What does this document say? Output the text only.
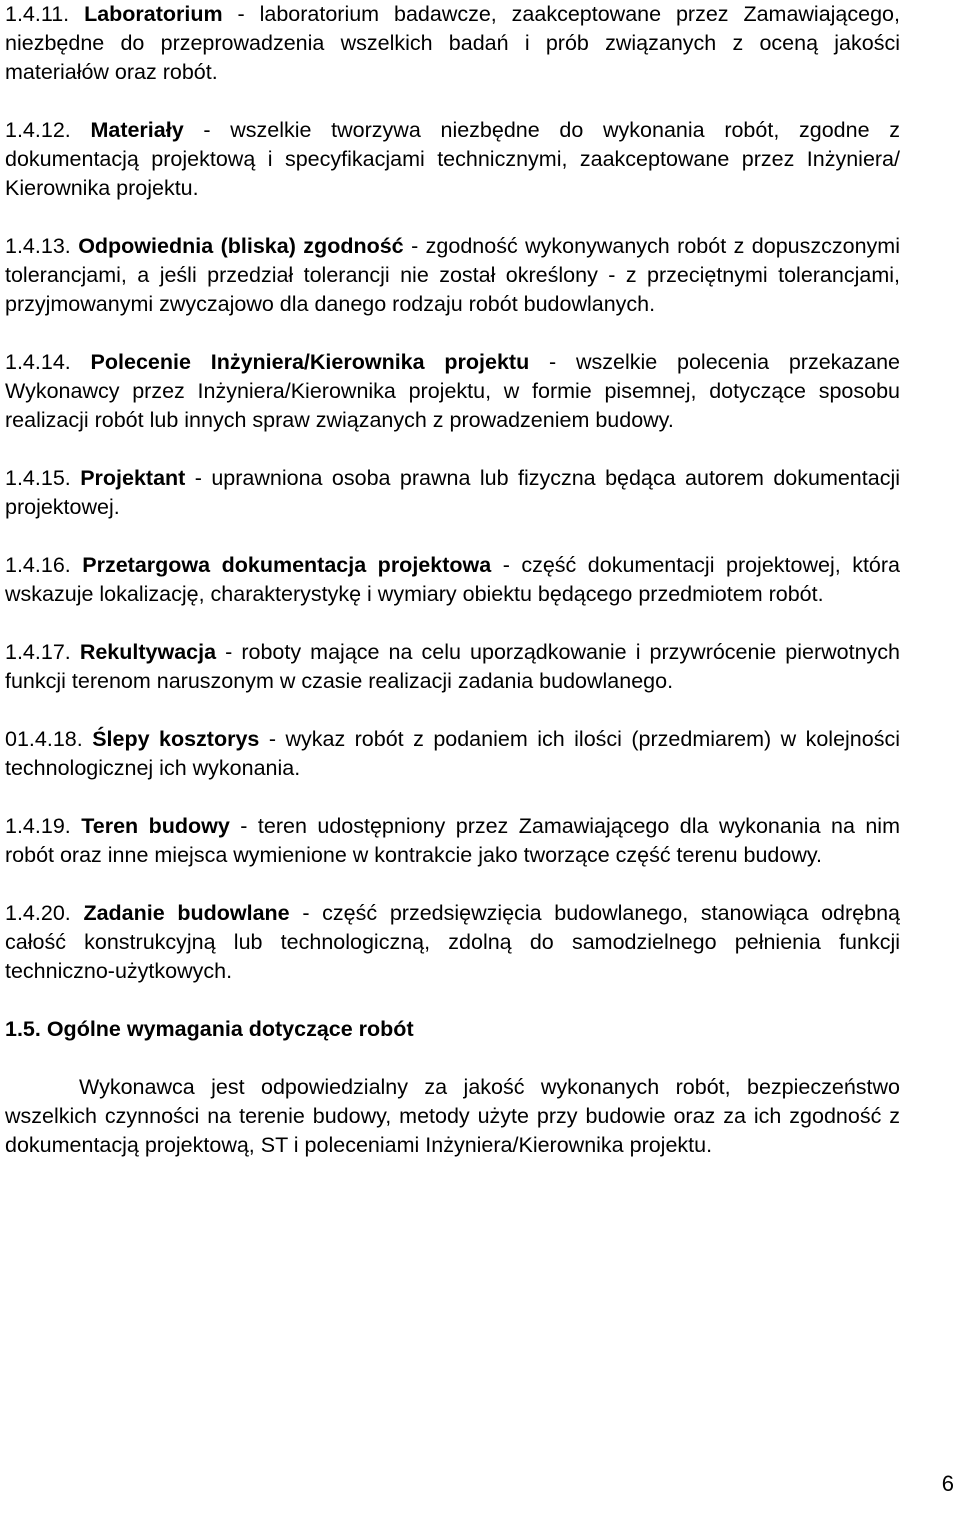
1.4.11. Laboratorium - laboratorium badawcze, zaakceptowane przez Zamawiającego, niezbędne do przeprowadzenia wszelkich badań i prób związanych z oceną jakości materiałów oraz robót.

1.4.12. Materiały - wszelkie tworzywa niezbędne do wykonania robót, zgodne z dokumentacją projektową i specyfikacjami technicznymi, zaakceptowane przez Inżyniera/ Kierownika projektu.

1.4.13. Odpowiednia (bliska) zgodność - zgodność wykonywanych robót z dopuszczonymi tolerancjami, a jeśli przedział tolerancji nie został określony - z przeciętnymi tolerancjami, przyjmowanymi zwyczajowo dla danego rodzaju robót budowlanych.

1.4.14. Polecenie Inżyniera/Kierownika projektu - wszelkie polecenia przekazane Wykonawcy przez Inżyniera/Kierownika projektu, w formie pisemnej, dotyczące sposobu realizacji robót lub innych spraw związanych z prowadzeniem budowy.

1.4.15. Projektant - uprawniona osoba prawna lub fizyczna będąca autorem dokumentacji projektowej.

1.4.16. Przetargowa dokumentacja projektowa - część dokumentacji projektowej, która wskazuje lokalizację, charakterystykę i wymiary obiektu będącego przedmiotem robót.

1.4.17. Rekultywacja - roboty mające na celu uporządkowanie i przywrócenie pierwotnych funkcji terenom naruszonym w czasie realizacji zadania budowlanego.

01.4.18. Ślepy kosztorys - wykaz robót z podaniem ich ilości (przedmiarem) w kolejności technologicznej ich wykonania.

1.4.19. Teren budowy - teren udostępniony przez Zamawiającego dla wykonania na nim robót oraz inne miejsca wymienione w kontrakcie jako tworzące część terenu budowy.

1.4.20. Zadanie budowlane - część przedsięwzięcia budowlanego, stanowiąca odrębną całość konstrukcyjną lub technologiczną, zdolną do samodzielnego pełnienia funkcji techniczno-użytkowych.

1.5. Ogólne wymagania dotyczące robót

Wykonawca jest odpowiedzialny za jakość wykonanych robót, bezpieczeństwo wszelkich czynności na terenie budowy, metody użyte przy budowie oraz za ich zgodność z dokumentacją projektową, ST i poleceniami Inżyniera/Kierownika projektu.

6
